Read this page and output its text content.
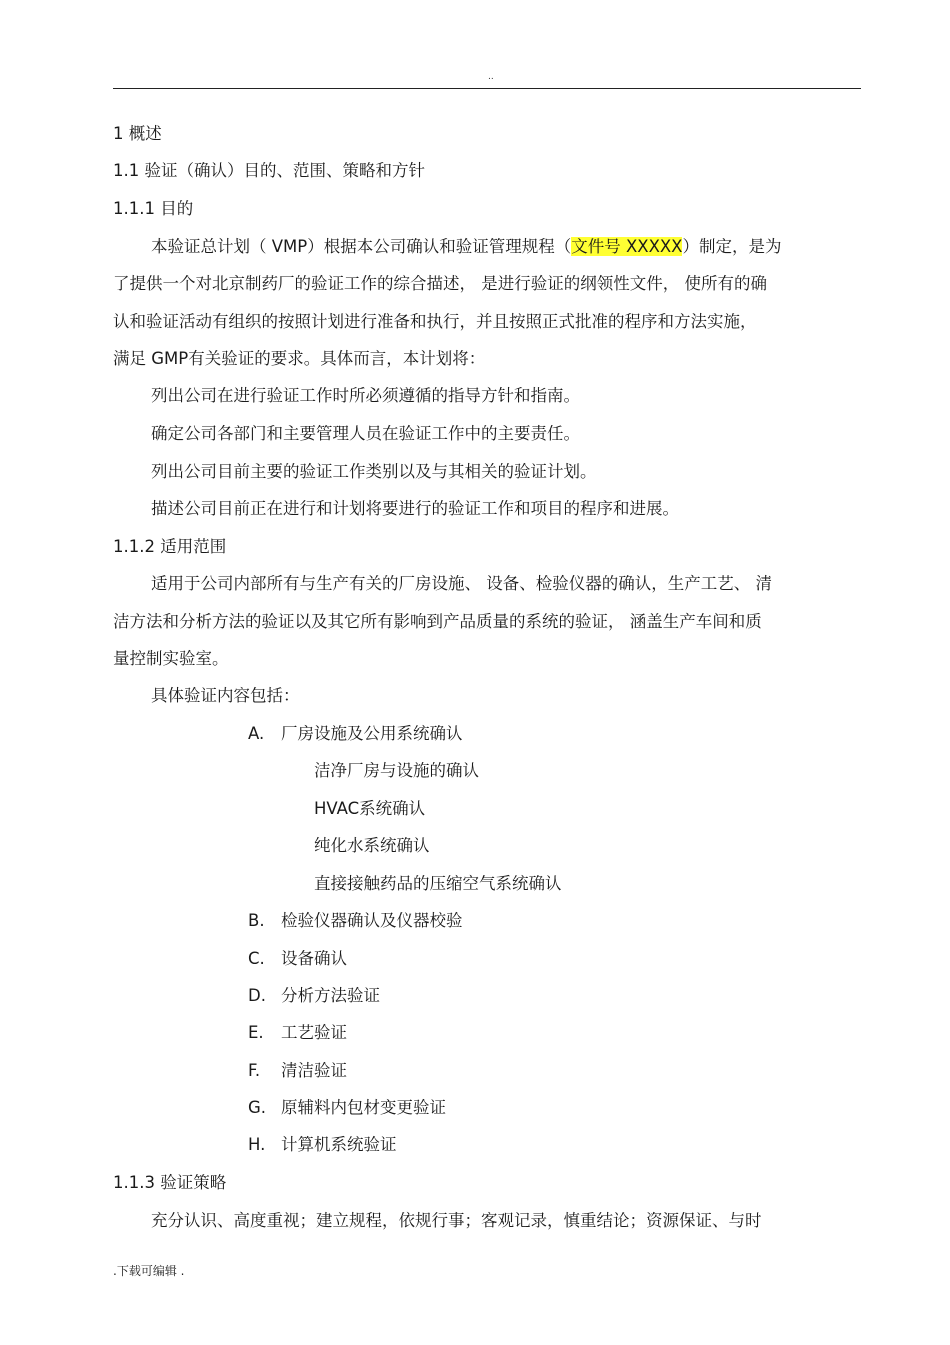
..
1 概述
1.1 验证（确认）目的、范围、策略和方针
1.1.1 目的
本验证总计划（ VMP）根据本公司确认和验证管理规程（文件号 XXXXX）制定，是为
了提供一个对北京制药厂的验证工作的综合描述， 是进行验证的纲领性文件， 使所有的确
认和验证活动有组织的按照计划进行准备和执行，并且按照正式批准的程序和方法实施，
满足 GMP有关验证的要求。具体而言，本计划将：
列出公司在进行验证工作时所必须遵循的指导方针和指南。
确定公司各部门和主要管理人员在验证工作中的主要责任。
列出公司目前主要的验证工作类别以及与其相关的验证计划。
描述公司目前正在进行和计划将要进行的验证工作和项目的程序和进展。
1.1.2 适用范围
适用于公司内部所有与生产有关的厂房设施、 设备、检验仪器的确认，生产工艺、 清
洁方法和分析方法的验证以及其它所有影响到产品质量的系统的验证， 涵盖生产车间和质
量控制实验室。
具体验证内容包括：
A. 厂房设施及公用系统确认
洁净厂房与设施的确认
HVAC系统确认
纯化水系统确认
直接接触药品的压缩空气系统确认
B. 检验仪器确认及仪器校验
C. 设备确认
D. 分析方法验证
E. 工艺验证
F. 清洁验证
G. 原辅料内包材变更验证
H. 计算机系统验证
1.1.3 验证策略
充分认识、高度重视；建立规程，依规行事；客观记录，慎重结论；资源保证、与时
.下载可编辑 .
